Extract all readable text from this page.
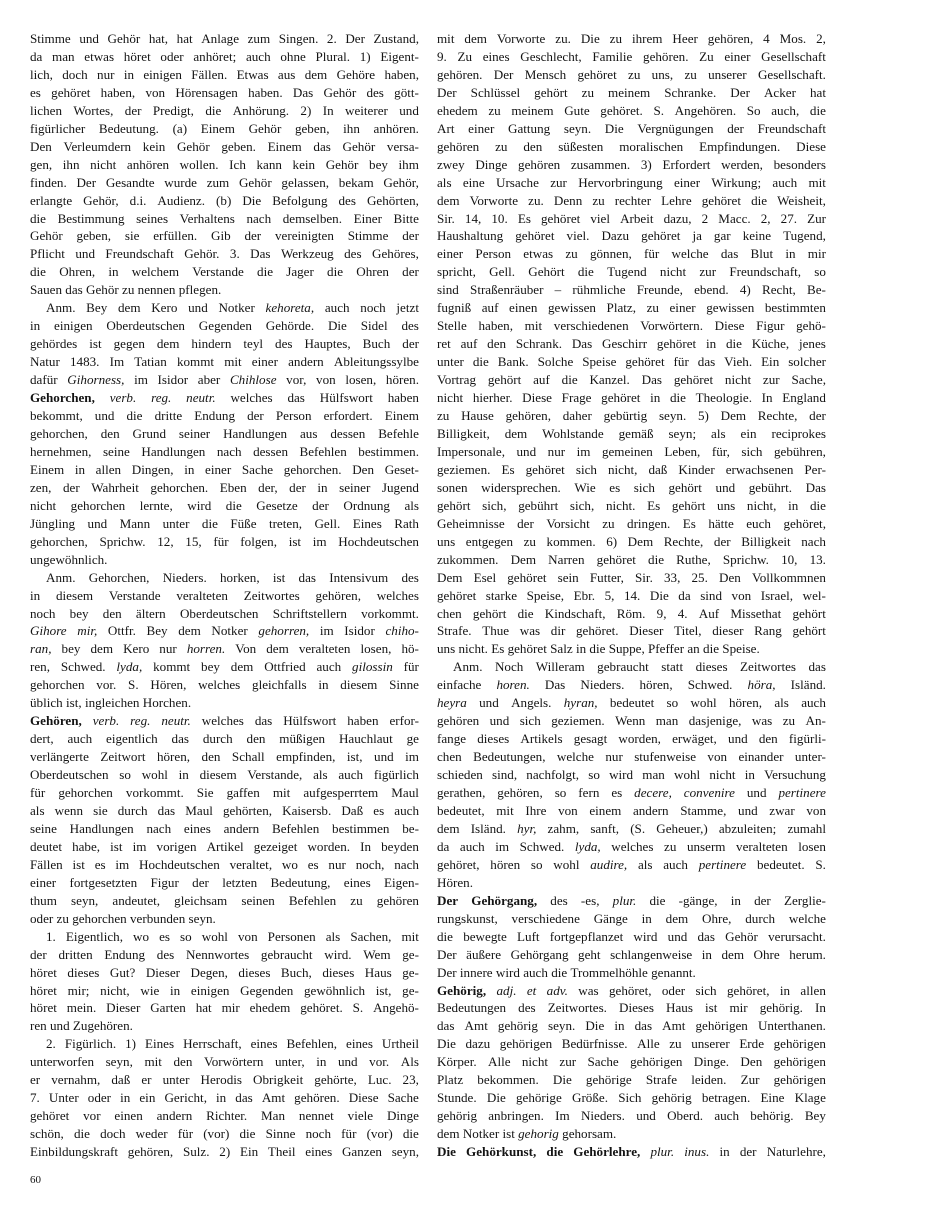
Stimme und Gehör hat, hat Anlage zum Singen. 2. Der Zustand,
da man etwas höret oder anhöret; auch ohne Plural. 1) Eigent-
lich, doch nur in einigen Fällen. Etwas aus dem Gehöre haben,
es gehöret haben, von Hörensagen haben. Das Gehör des gött-
lichen Wortes, der Predigt, die Anhörung. 2) In weiterer und
figürlicher Bedeutung. (a) Einem Gehör geben, ihn anhören.
Den Verleumdern kein Gehör geben. Einem das Gehör versa-
gen, ihn nicht anhören wollen. Ich kann kein Gehör bey ihm
finden. Der Gesandte wurde zum Gehör gelassen, bekam Gehör,
erlangte Gehör, d.i. Audienz. (b) Die Befolgung des Gehörten,
die Bestimmung seines Verhaltens nach demselben. Einer Bitte
Gehör geben, sie erfüllen. Gib der vereinigten Stimme der
Pflicht und Freundschaft Gehör. 3. Das Werkzeug des Gehöres,
die Ohren, in welchem Verstande die Jager die Ohren der
Sauen das Gehör zu nennen pflegen.
Anm. Bey dem Kero und Notker kehoreta, auch noch jetzt
in einigen Oberdeutschen Gegenden Gehörde. Die Sidel des
gehördes ist gegen dem hindern teyl des Hauptes, Buch der
Natur 1483. Im Tatian kommt mit einer andern Ableitungssylbe
dafür Gihorness, im Isidor aber Chihlose vor, von losen, hören.
Gehorchen, verb. reg. neutr. welches das Hülfswort haben
bekommt, und die dritte Endung der Person erfordert. Einem
gehorchen, den Grund seiner Handlungen aus dessen Befehle
hernehmen, seine Handlungen nach dessen Befehlen bestimmen.
Einem in allen Dingen, in einer Sache gehorchen. Den Geset-
zen, der Wahrheit gehorchen. Eben der, der in seiner Jugend
nicht gehorchen lernte, wird die Gesetze der Ordnung als
Jüngling und Mann unter die Füße treten, Gell. Eines Rath
gehorchen, Sprichw. 12, 15, für folgen, ist im Hochdeutschen
ungewöhnlich.
Anm. Gehorchen, Nieders. horken, ist das Intensivum des
in diesem Verstande veralteten Zeitwortes gehören, welches
noch bey den ältern Oberdeutschen Schriftstellern vorkommt.
Gihore mir, Ottfr. Bey dem Notker gehorren, im Isidor chiho-
ran, bey dem Kero nur horren. Von dem veralteten losen, hö-
ren, Schwed. lyda, kommt bey dem Ottfried auch gilossin für
gehorchen vor. S. Hören, welches gleichfalls in diesem Sinne
üblich ist, ingleichen Horchen.
Gehören, verb. reg. neutr. welches das Hülfswort haben erfor-
dert, auch eigentlich das durch den müßigen Hauchlaut ge
verlängerte Zeitwort hören, den Schall empfinden, ist, und im
Oberdeutschen so wohl in diesem Verstande, als auch figürlich
für gehorchen vorkommt. Sie gaffen mit aufgesperrtem Maul
als wenn sie durch das Maul gehörten, Kaisersb. Daß es auch
seine Handlungen nach eines andern Befehlen bestimmen be-
deutet habe, ist im vorigen Artikel gezeiget worden. In beyden
Fällen ist es im Hochdeutschen veraltet, wo es nur noch, nach
einer fortgesetzten Figur der letzten Bedeutung, eines Eigen-
thum seyn, andeutet, gleichsam seinen Befehlen zu gehören
oder zu gehorchen verbunden seyn.
1. Eigentlich, wo es so wohl von Personen als Sachen, mit
der dritten Endung des Nennwortes gebraucht wird. Wem ge-
höret dieses Gut? Dieser Degen, dieses Buch, dieses Haus ge-
höret mir; nicht, wie in einigen Gegenden gewöhnlich ist, ge-
höret mein. Dieser Garten hat mir ehedem gehöret. S. Angehö-
ren und Zugehören.
2. Figürlich. 1) Eines Herrschaft, eines Befehlen, eines Urtheil
unterworfen seyn, mit den Vorwörtern unter, in und vor. Als
er vernahm, daß er unter Herodis Obrigkeit gehörte, Luc. 23,
7. Unter oder in ein Gericht, in das Amt gehören. Diese Sache
gehöret vor einen andern Richter. Man nennet viele Dinge
schön, die doch weder für (vor) die Sinne noch für (vor) die
Einbildungskraft gehören, Sulz. 2) Ein Theil eines Ganzen seyn,
mit dem Vorworte zu. Die zu ihrem Heer gehören, 4 Mos. 2,
9. Zu eines Geschlecht, Familie gehören. Zu einer Gesellschaft
gehören. Der Mensch gehöret zu uns, zu unserer Gesellschaft.
Der Schlüssel gehört zu meinem Schranke. Der Acker hat
ehedem zu meinem Gute gehöret. S. Angehören. So auch, die
Art einer Gattung seyn. Die Vergnügungen der Freundschaft
gehören zu den süßesten moralischen Empfindungen. Diese
zwey Dinge gehören zusammen. 3) Erfordert werden, besonders
als eine Ursache zur Hervorbringung einer Wirkung; auch mit
dem Vorworte zu. Denn zu rechter Lehre gehöret die Weisheit,
Sir. 14, 10. Es gehöret viel Arbeit dazu, 2 Macc. 2, 27. Zur
Haushaltung gehöret viel. Dazu gehöret ja gar keine Tugend,
einer Person etwas zu gönnen, für welche das Blut in mir
spricht, Gell. Gehört die Tugend nicht zur Freundschaft, so
sind Straßenräuber – rühmliche Freunde, ebend. 4) Recht, Be-
fugniß auf einen gewissen Platz, zu einer gewissen bestimmten
Stelle haben, mit verschiedenen Vorwörtern. Diese Figur gehö-
ret auf den Schrank. Das Geschirr gehöret in die Küche, jenes
unter die Bank. Solche Speise gehöret für das Vieh. Ein solcher
Vortrag gehört auf die Kanzel. Das gehöret nicht zur Sache,
nicht hierher. Diese Frage gehöret in die Theologie. In England
zu Hause gehören, daher gebürtig seyn. 5) Dem Rechte, der
Billigkeit, dem Wohlstande gemäß seyn; als ein reciprokes
Impersonale, und nur im gemeinen Leben, für, sich gebühren,
geziemen. Es gehöret sich nicht, daß Kinder erwachsenen Per-
sonen widersprechen. Wie es sich gehört und gebührt. Das
gehört sich, gebührt sich, nicht. Es gehört uns nicht, in die
Geheimnisse der Vorsicht zu dringen. Es hätte euch gehöret,
uns entgegen zu kommen. 6) Dem Rechte, der Billigkeit nach
zukommen. Dem Narren gehöret die Ruthe, Sprichw. 10, 13.
Dem Esel gehöret sein Futter, Sir. 33, 25. Den Vollkommnen
gehöret starke Speise, Ebr. 5, 14. Die da sind von Israel, wel-
chen gehört die Kindschaft, Röm. 9, 4. Auf Missethat gehört
Strafe. Thue was dir gehöret. Dieser Titel, dieser Rang gehört
uns nicht. Es gehöret Salz in die Suppe, Pfeffer an die Speise.
Anm. Noch Willeram gebraucht statt dieses Zeitwortes das
einfache horen. Das Nieders. hören, Schwed. höra, Isländ.
heyra und Angels. hyran, bedeutet so wohl hören, als auch
gehören und sich geziemen. Wenn man dasjenige, was zu An-
fange dieses Artikels gesagt worden, erwäget, und den figürli-
chen Bedeutungen, welche nur stufenweise von einander unter-
schieden sind, nachfolgt, so wird man wohl nicht in Versuchung
gerathen, gehören, so fern es decere, convenire und pertinere
bedeutet, mit Ihre von einem andern Stamme, und zwar von
dem Isländ. hyr, zahm, sanft, (S. Geheuer,) abzuleiten; zumahl
da auch im Schwed. lyda, welches zu unserm veralteten losen
gehöret, hören so wohl audire, als auch pertinere bedeutet. S.
Hören.
Der Gehörgang, des -es, plur. die -gänge, in der Zerglie-
rungskunst, verschiedene Gänge in dem Ohre, durch welche
die bewegte Luft fortgepflanzet wird und das Gehör verursacht.
Der äußere Gehörgang geht schlangenweise in dem Ohre herum.
Der innere wird auch die Trommelhöhle genannt.
Gehörig, adj. et adv. was gehöret, oder sich gehöret, in allen
Bedeutungen des Zeitwortes. Dieses Haus ist mir gehörig. In
das Amt gehörig seyn. Die in das Amt gehörigen Unterthanen.
Die dazu gehörigen Bedürfnisse. Alle zu unserer Erde gehörigen
Körper. Alle nicht zur Sache gehörigen Dinge. Den gehörigen
Platz bekommen. Die gehörige Strafe leiden. Zur gehörigen
Stunde. Die gehörige Größe. Sich gehörig betragen. Eine Klage
gehörig anbringen. Im Nieders. und Oberd. auch behörig. Bey
dem Notker ist gehorig gehorsam.
Die Gehörkunst, die Gehörlehre, plur. inus. in der Naturlehre,
60
